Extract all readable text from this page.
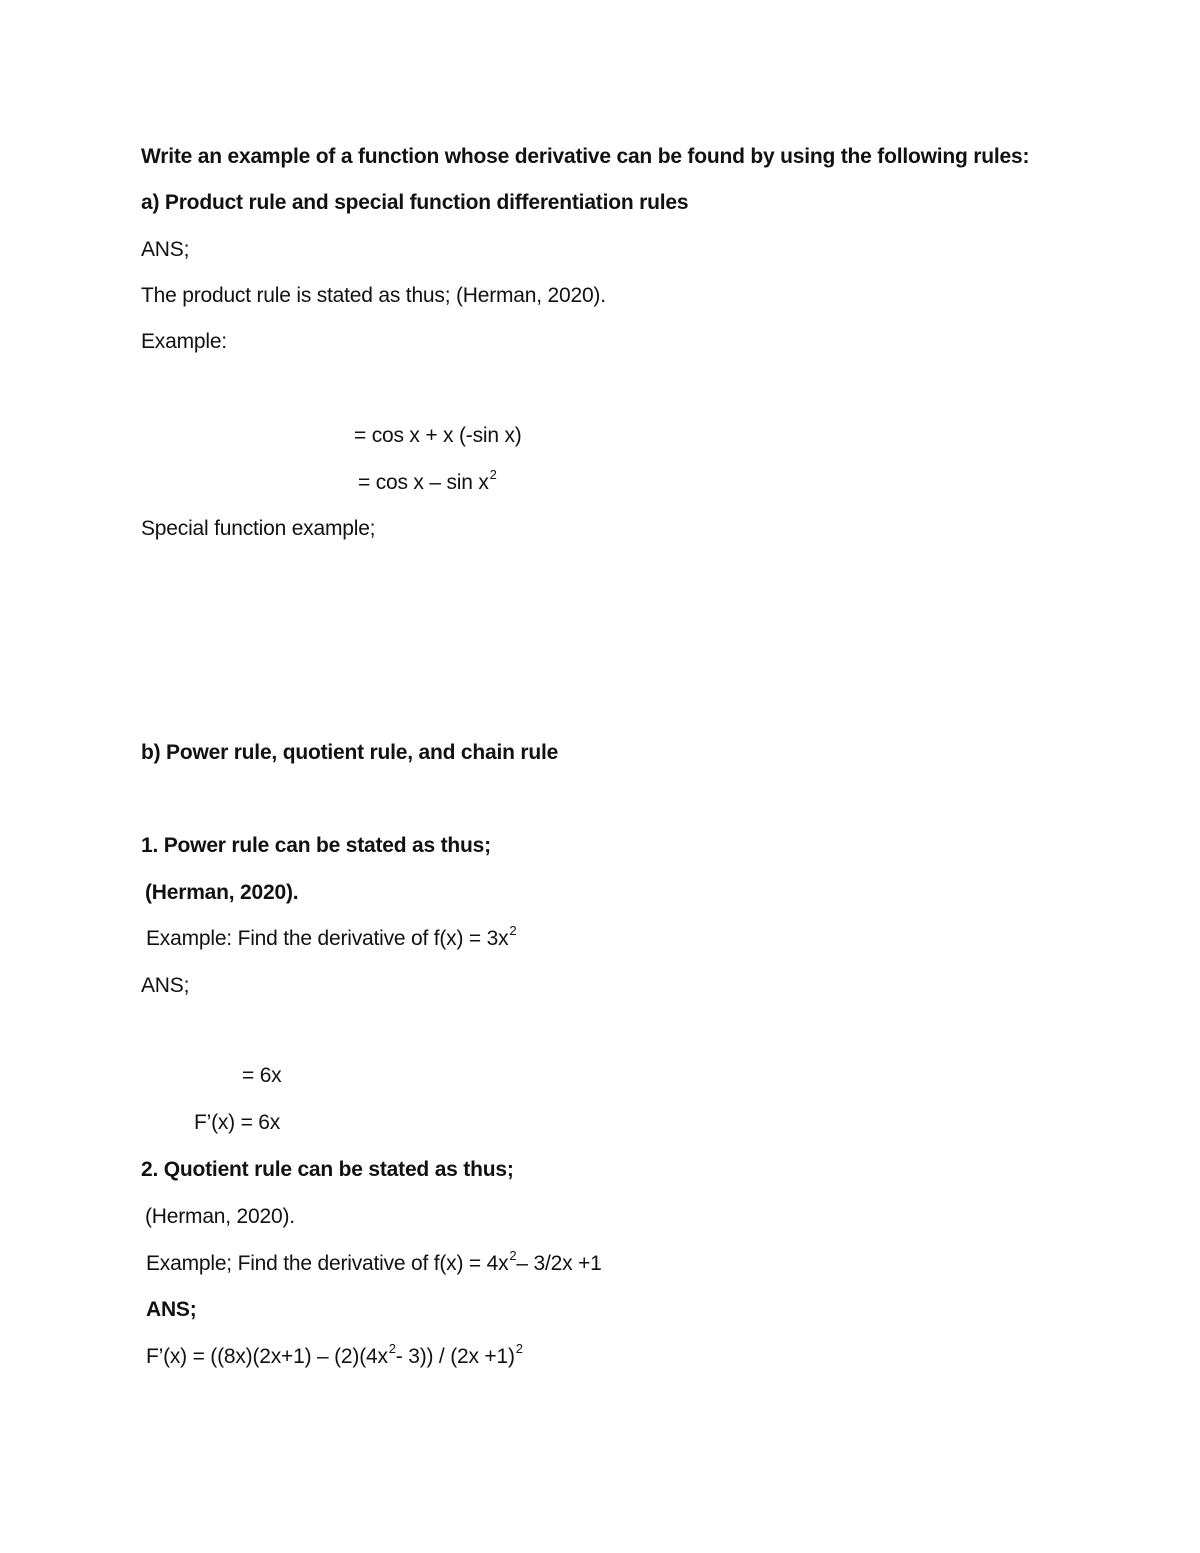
Write an example of a function whose derivative can be found by using the following rules:
a) Product rule and special function differentiation rules
ANS;
The product rule is stated as thus; (Herman, 2020).
Example:
= cos x + x (-sin x)
= cos x – $\sin x^2$
Special function example;
b) Power rule, quotient rule, and chain rule
1. Power rule can be stated as thus;
(Herman, 2020).
Example: Find the derivative of $f(x) = 3x^2$
ANS;
= 6x
F’(x) = 6x
2. Quotient rule can be stated as thus;
(Herman, 2020).
Example; Find the derivative of $f(x) = 4x^2-$ 3/2x +1
ANS;
F’(x) = ($(8x)(2x+1) - (2)(4x^2-$ $3)) / (2x +1)^2$
